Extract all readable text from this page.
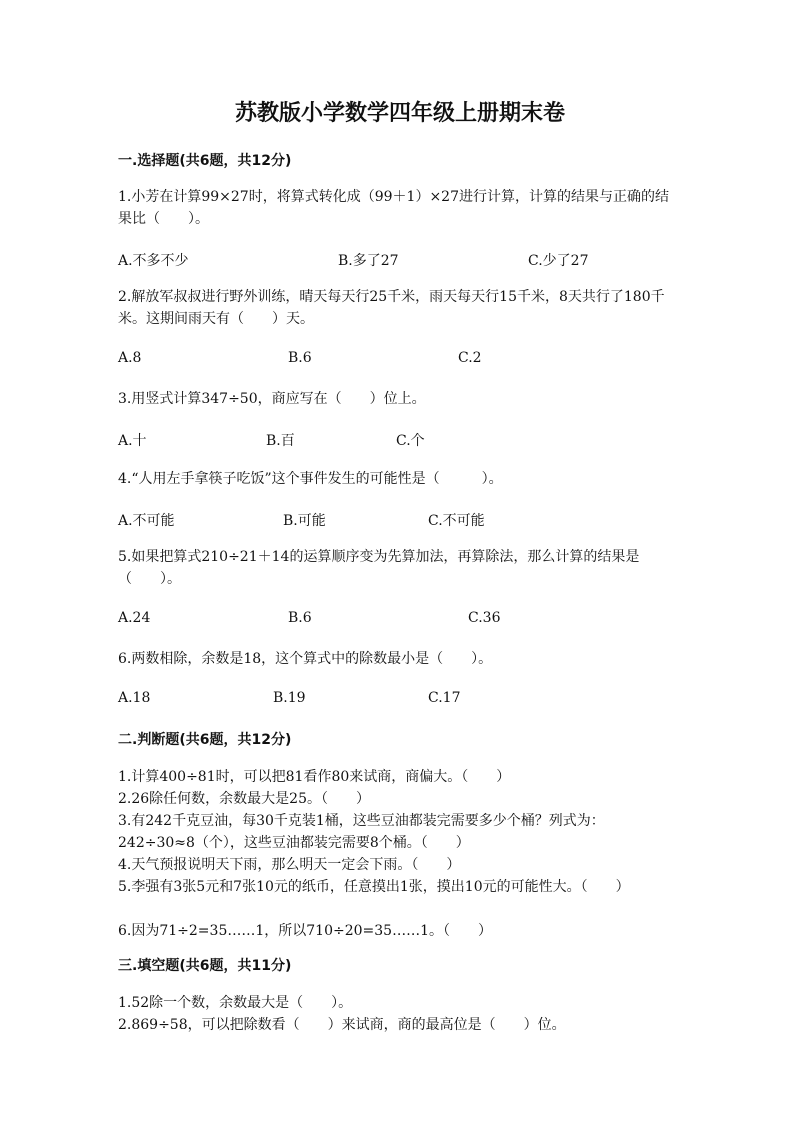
苏教版小学数学四年级上册期末卷
一.选择题(共6题，共12分)
1.小芳在计算99×27时，将算式转化成（99＋1）×27进行计算，计算的结果与正确的结果比（　　）。
A.不多不少	B.多了27	C.少了27
2.解放军叔叔进行野外训练，晴天每天行25千米，雨天每天行15千米，8天共行了180千米。这期间雨天有（　　）天。
A.8	B.6	C.2
3.用竖式计算347÷50，商应写在（　　）位上。
A.十	B.百	C.个
4.“人用左手拿筷子吃饭”这个事件发生的可能性是（　　　）。
A.不可能	B.可能	C.不可能
5.如果把算式210÷21＋14的运算顺序变为先算加法，再算除法，那么计算的结果是（　　）。
A.24	B.6	C.36
6.两数相除，余数是18，这个算式中的除数最小是（　　）。
A.18	B.19	C.17
二.判断题(共6题，共12分)
1.计算400÷81时，可以把81看作80来试商，商偏大。（　　）
2.26除任何数，余数最大是25。（　　）
3.有242千克豆油，每30千克装1桶，这些豆油都装完需要多少个桶？列式为：242÷30≈8（个），这些豆油都装完需要8个桶。（　　）
4.天气预报说明天下雨，那么明天一定会下雨。（　　）
5.李强有3张5元和7张10元的纸币，任意摸出1张，摸出10元的可能性大。（　　）
6.因为71÷2=35……1，所以710÷20=35……1。（　　）
三.填空题(共6题，共11分)
1.52除一个数，余数最大是（　　）。
2.869÷58，可以把除数看（　　）来试商，商的最高位是（　　）位。
